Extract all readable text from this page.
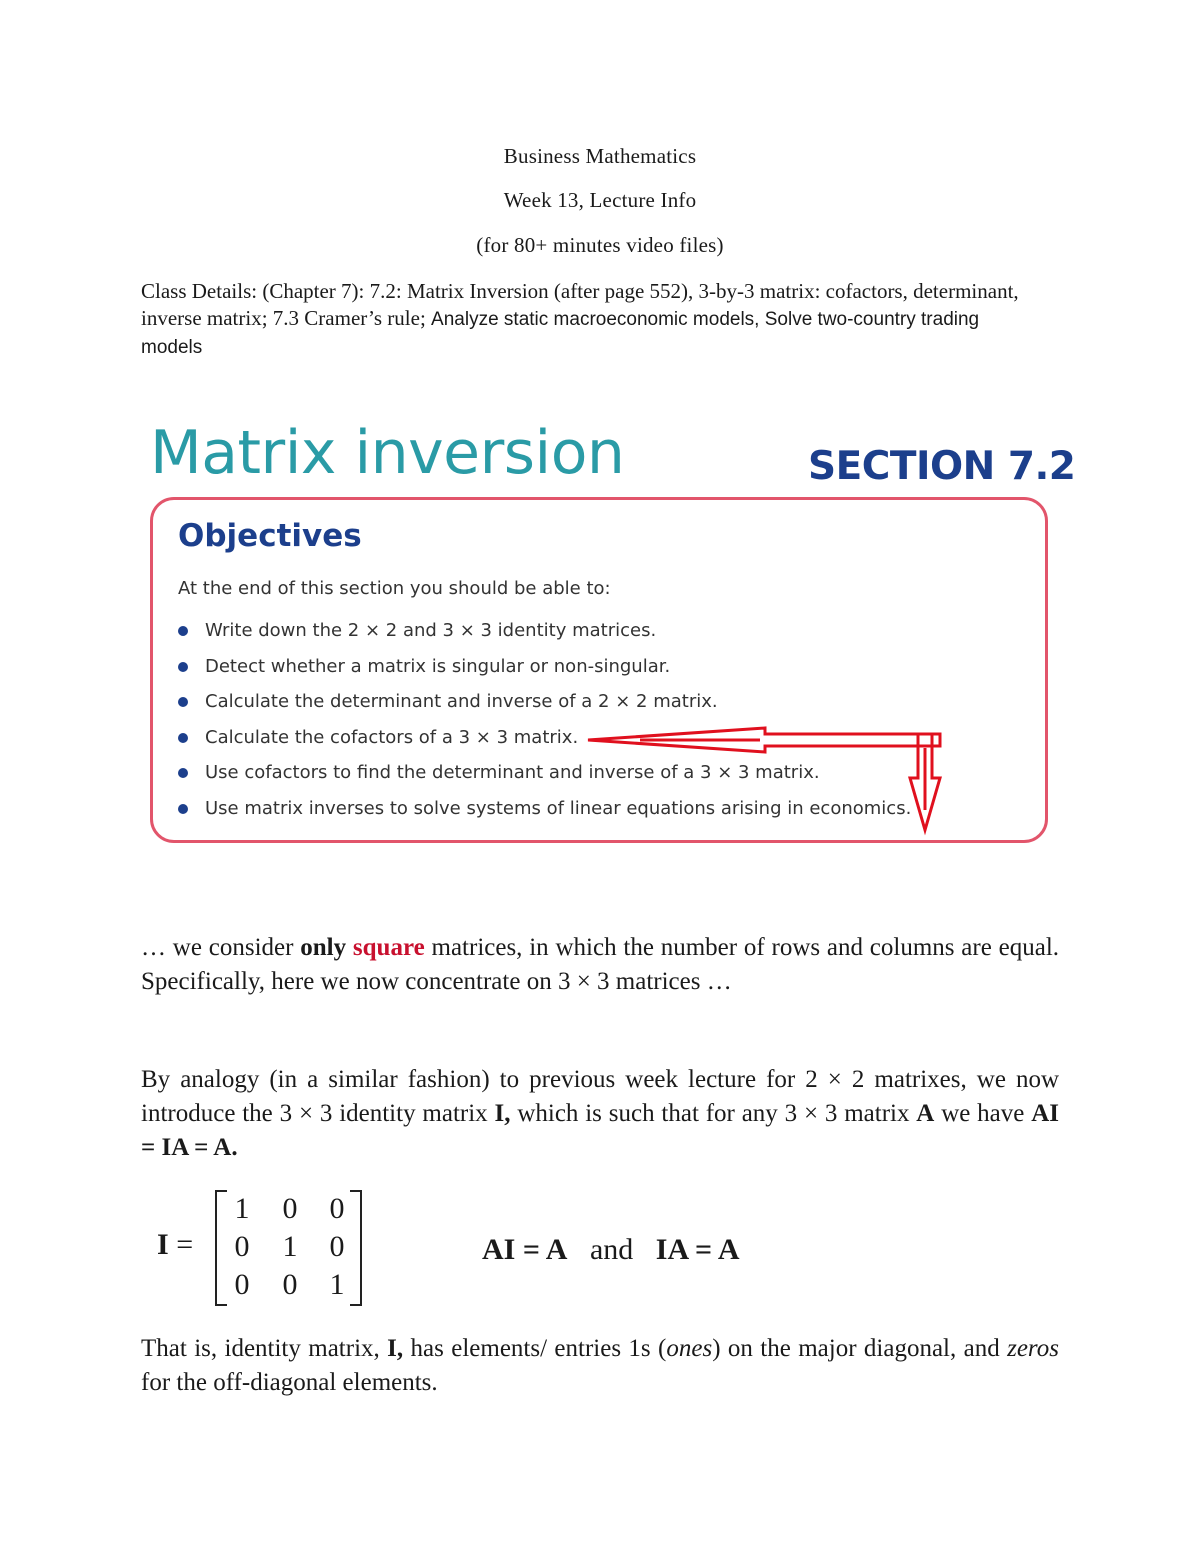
Business Mathematics
Week 13, Lecture Info
(for 80+ minutes video files)
Class Details: (Chapter 7): 7.2: Matrix Inversion (after page 552), 3-by-3 matrix: cofactors, determinant, inverse matrix; 7.3 Cramer’s rule; Analyze static macroeconomic models, Solve two-country trading models
Matrix inversion	SECTION 7.2
Objectives
At the end of this section you should be able to:
Write down the 2 × 2 and 3 × 3 identity matrices.
Detect whether a matrix is singular or non-singular.
Calculate the determinant and inverse of a 2 × 2 matrix.
Calculate the cofactors of a 3 × 3 matrix.
Use cofactors to find the determinant and inverse of a 3 × 3 matrix.
Use matrix inverses to solve systems of linear equations arising in economics.

… we consider only square matrices, in which the number of rows and columns are equal. Specifically, here we now concentrate on 3 × 3 matrices …

By analogy (in a similar fashion) to previous week lecture for 2 × 2 matrixes, we now introduce the 3 × 3 identity matrix I, which is such that for any 3 × 3 matrix A we have AI = IA = A.

I =
1 0 0
0 1 0
0 0 1
AI = A and IA = A

That is, identity matrix, I, has elements/ entries 1s (ones) on the major diagonal, and zeros for the off-diagonal elements.
